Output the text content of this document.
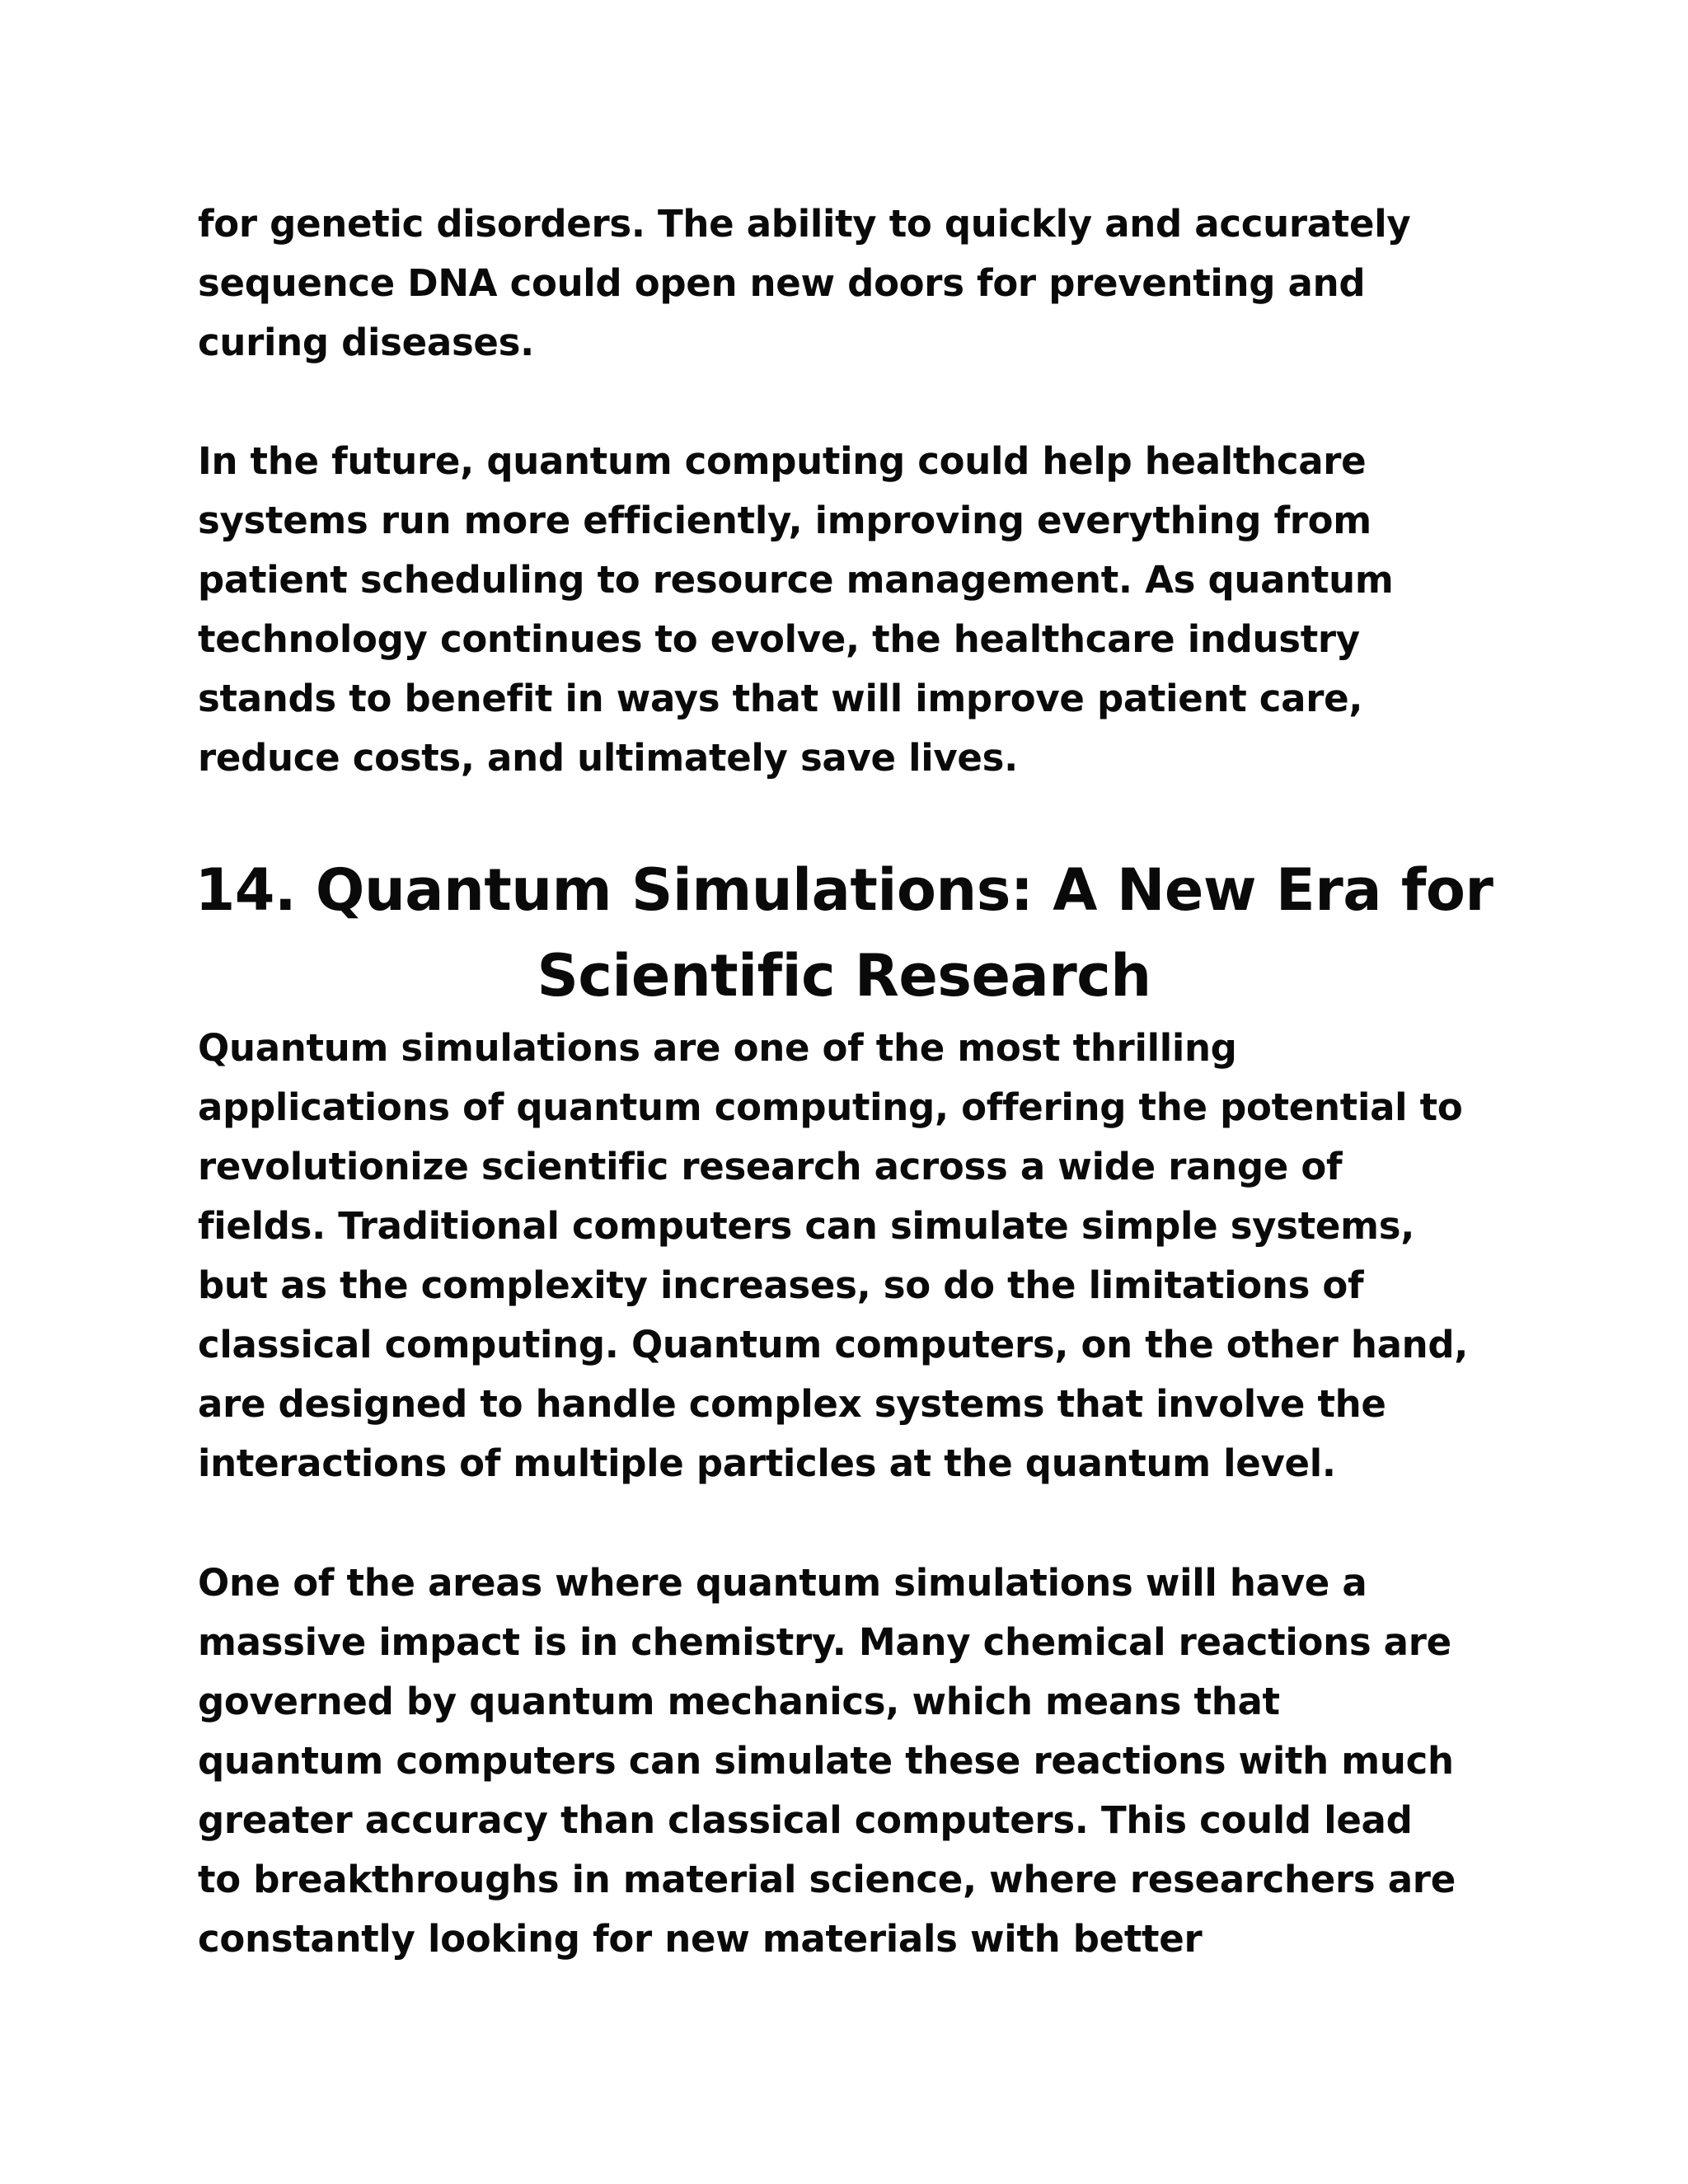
for genetic disorders. The ability to quickly and accurately
sequence DNA could open new doors for preventing and
curing diseases.

In the future, quantum computing could help healthcare
systems run more efficiently, improving everything from
patient scheduling to resource management. As quantum
technology continues to evolve, the healthcare industry
stands to benefit in ways that will improve patient care,
reduce costs, and ultimately save lives.

14. Quantum Simulations: A New Era for
Scientific Research

Quantum simulations are one of the most thrilling
applications of quantum computing, offering the potential to
revolutionize scientific research across a wide range of
fields. Traditional computers can simulate simple systems,
but as the complexity increases, so do the limitations of
classical computing. Quantum computers, on the other hand,
are designed to handle complex systems that involve the
interactions of multiple particles at the quantum level.

One of the areas where quantum simulations will have a
massive impact is in chemistry. Many chemical reactions are
governed by quantum mechanics, which means that
quantum computers can simulate these reactions with much
greater accuracy than classical computers. This could lead
to breakthroughs in material science, where researchers are
constantly looking for new materials with better
